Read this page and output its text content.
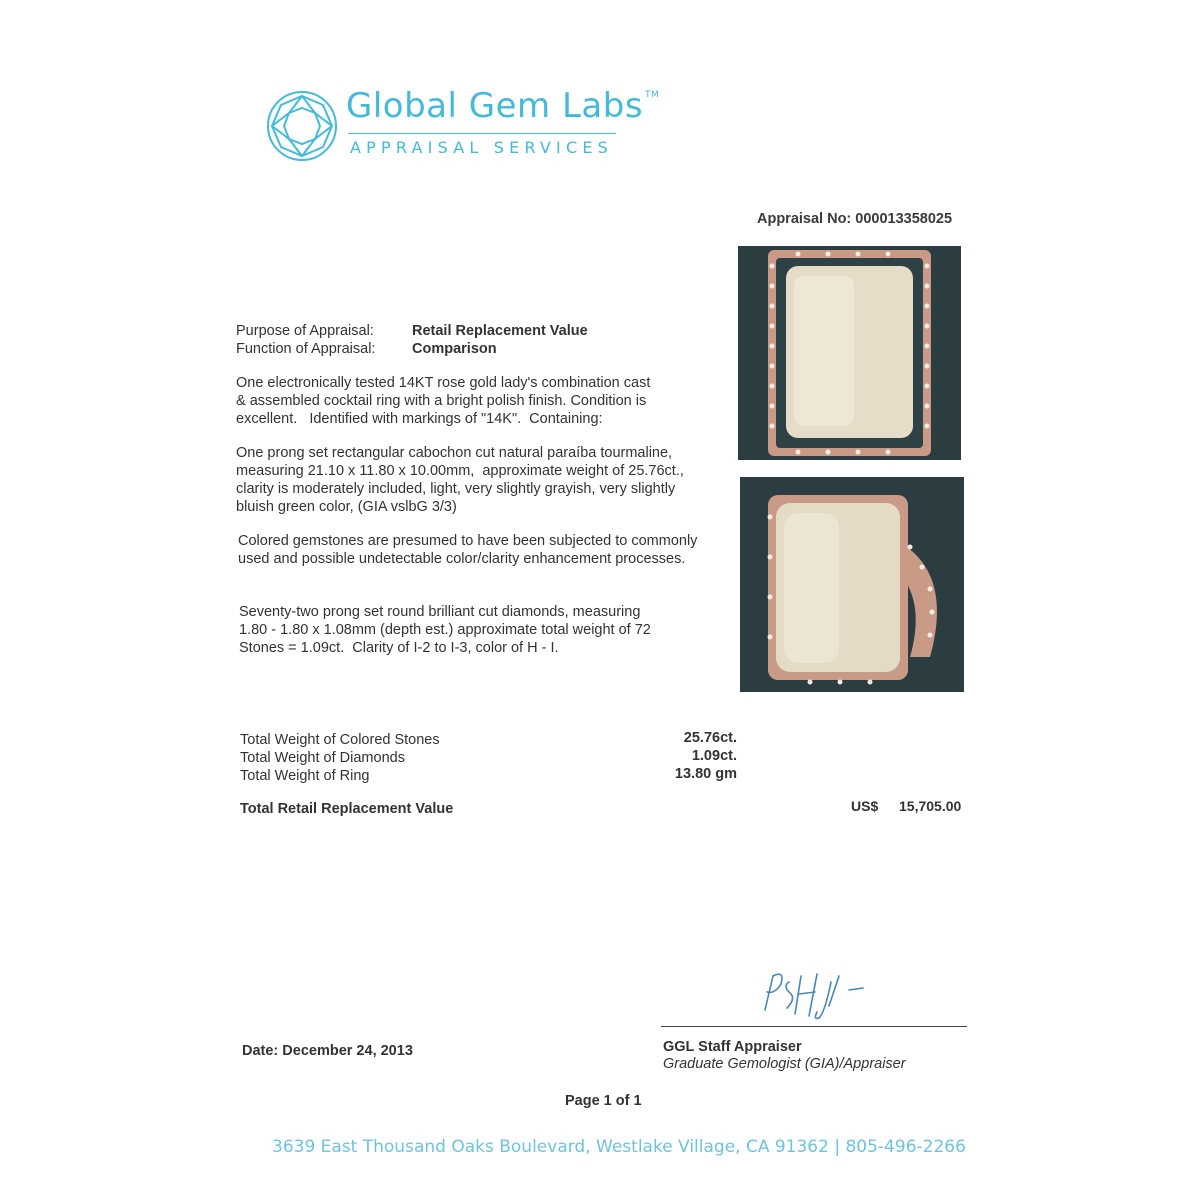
Global Gem Labs ™
APPRAISAL SERVICES
Appraisal No: 000013358025
Purpose of Appraisal:	Retail Replacement Value
Function of Appraisal:	Comparison
One electronically tested 14KT rose gold lady's combination cast
& assembled cocktail ring with a bright polish finish. Condition is
excellent.   Identified with markings of "14K".  Containing:
One prong set rectangular cabochon cut natural paraíba tourmaline,
measuring 21.10 x 11.80 x 10.00mm,  approximate weight of 25.76ct.,
clarity is moderately included, light, very slightly grayish, very slightly
bluish green color, (GIA vslbG 3/3)
Colored gemstones are presumed to have been subjected to commonly
used and possible undetectable color/clarity enhancement processes.
Seventy-two prong set round brilliant cut diamonds, measuring
1.80 - 1.80 x 1.08mm (depth est.) approximate total weight of 72
Stones = 1.09ct.  Clarity of I-2 to I-3, color of H - I.
Total Weight of Colored Stones	25.76ct.
Total Weight of Diamonds	1.09ct.
Total Weight of Ring	13.80 gm
Total Retail Replacement Value	US$ 15,705.00
GGL Staff Appraiser
Graduate Gemologist (GIA)/Appraiser
Date: December 24, 2013
Page 1 of 1
3639 East Thousand Oaks Boulevard, Westlake Village, CA 91362 | 805-496-2266
